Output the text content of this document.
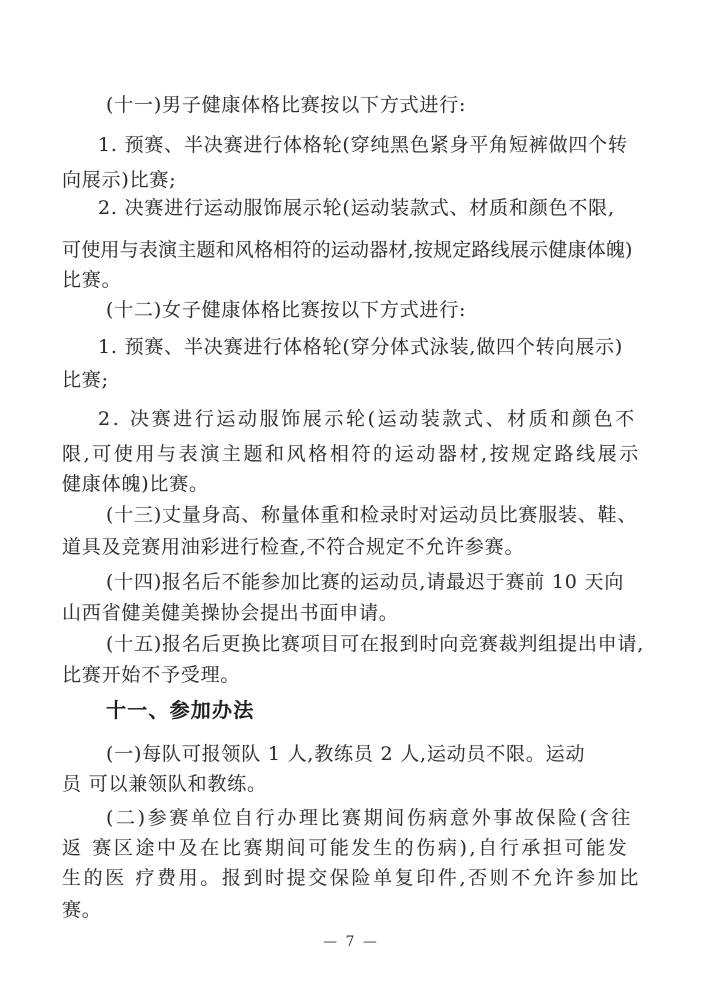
(十一)男子健康体格比赛按以下方式进行:
1. 预赛、半决赛进行体格轮(穿纯黑色紧身平角短裤做四个转
向展示)比赛;
2. 决赛进行运动服饰展示轮(运动装款式、材质和颜色不限,
可使用与表演主题和风格相符的运动器材,按规定路线展示健康体魄)
比赛。
(十二)女子健康体格比赛按以下方式进行:
1. 预赛、半决赛进行体格轮(穿分体式泳装,做四个转向展示)
比赛;
2. 决赛进行运动服饰展示轮(运动装款式、材质和颜色不
限,可使用与表演主题和风格相符的运动器材,按规定路线展示
健康体魄)比赛。
(十三)丈量身高、称量体重和检录时对运动员比赛服装、鞋、
道具及竞赛用油彩进行检查,不符合规定不允许参赛。
(十四)报名后不能参加比赛的运动员,请最迟于赛前 10 天向
山西省健美健美操协会提出书面申请。
(十五)报名后更换比赛项目可在报到时向竞赛裁判组提出申请,
比赛开始不予受理。
十一、参加办法
(一)每队可报领队 1 人,教练员 2 人,运动员不限。运动
员 可以兼领队和教练。
(二)参赛单位自行办理比赛期间伤病意外事故保险(含往
返 赛区途中及在比赛期间可能发生的伤病),自行承担可能发
生的医 疗费用。报到时提交保险单复印件,否则不允许参加比
赛。
— 7 —
